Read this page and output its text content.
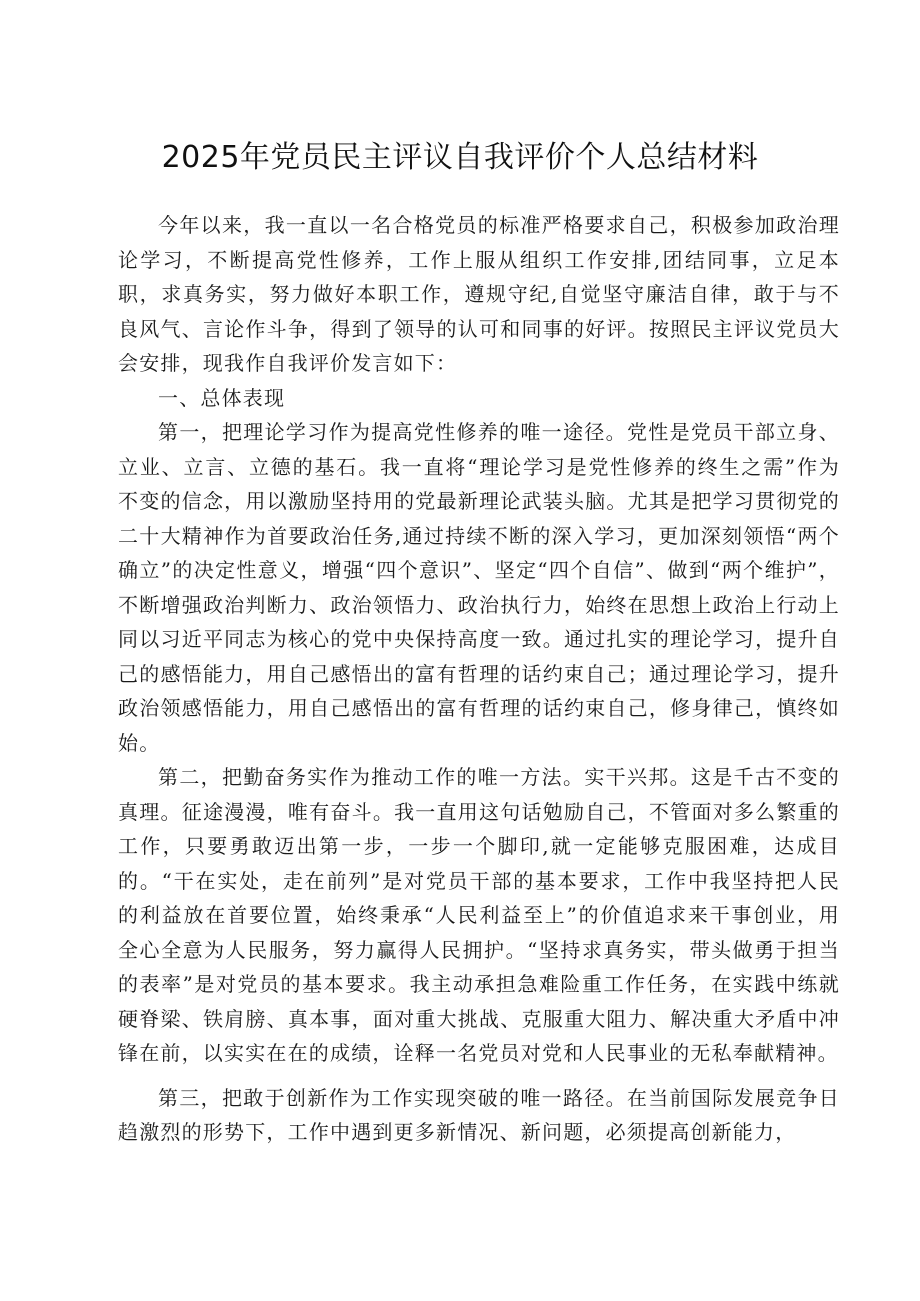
2025年党员民主评议自我评价个人总结材料

今年以来，我一直以一名合格党员的标准严格要求自己，积极参加政治理论学习，不断提高党性修养，工作上服从组织工作安排,团结同事，立足本职，求真务实，努力做好本职工作，遵规守纪,自觉坚守廉洁自律，敢于与不良风气、言论作斗争，得到了领导的认可和同事的好评。按照民主评议党员大会安排，现我作自我评价发言如下：

一、总体表现

第一，把理论学习作为提高党性修养的唯一途径。党性是党员干部立身、立业、立言、立德的基石。我一直将“理论学习是党性修养的终生之需”作为不变的信念，用以激励坚持用的党最新理论武装头脑。尤其是把学习贯彻党的二十大精神作为首要政治任务,通过持续不断的深入学习，更加深刻领悟“两个确立”的决定性意义，增强“四个意识”、坚定“四个自信”、做到“两个维护”，不断增强政治判断力、政治领悟力、政治执行力，始终在思想上政治上行动上同以习近平同志为核心的党中央保持高度一致。通过扎实的理论学习，提升自己的感悟能力，用自己感悟出的富有哲理的话约束自己；通过理论学习，提升政治领感悟能力，用自己感悟出的富有哲理的话约束自己，修身律己，慎终如始。

第二，把勤奋务实作为推动工作的唯一方法。实干兴邦。这是千古不变的真理。征途漫漫，唯有奋斗。我一直用这句话勉励自己，不管面对多么繁重的工作，只要勇敢迈出第一步，一步一个脚印,就一定能够克服困难，达成目的。“干在实处，走在前列”是对党员干部的基本要求，工作中我坚持把人民的利益放在首要位置，始终秉承“人民利益至上”的价值追求来干事创业，用全心全意为人民服务，努力赢得人民拥护。“坚持求真务实，带头做勇于担当的表率”是对党员的基本要求。我主动承担急难险重工作任务，在实践中练就硬脊梁、铁肩膀、真本事，面对重大挑战、克服重大阻力、解决重大矛盾中冲锋在前，以实实在在的成绩，诠释一名党员对党和人民事业的无私奉献精神。

第三，把敢于创新作为工作实现突破的唯一路径。在当前国际发展竞争日趋激烈的形势下，工作中遇到更多新情况、新问题，必须提高创新能力，
